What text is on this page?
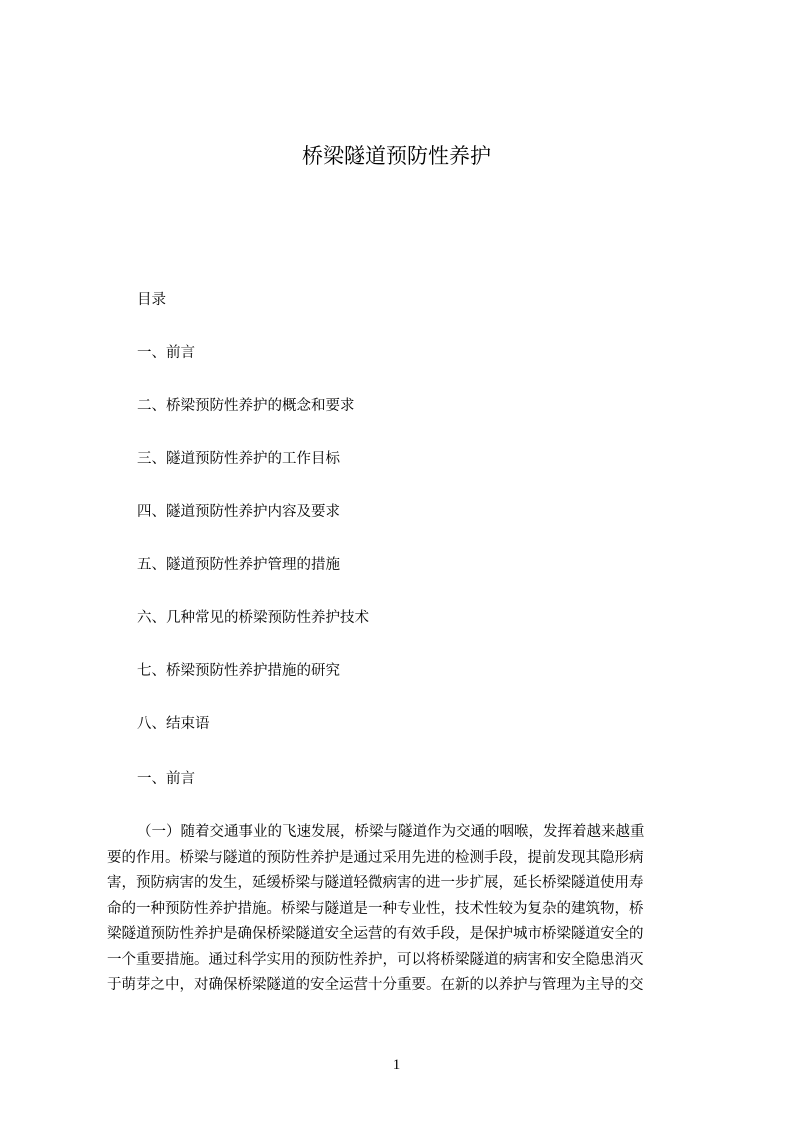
桥梁隧道预防性养护
目录
一、前言
二、桥梁预防性养护的概念和要求
三、隧道预防性养护的工作目标
四、隧道预防性养护内容及要求
五、隧道预防性养护管理的措施
六、几种常见的桥梁预防性养护技术
七、桥梁预防性养护措施的研究
八、结束语
一、前言

（一）随着交通事业的飞速发展，桥梁与隧道作为交通的咽喉，发挥着越来越重
要的作用。桥梁与隧道的预防性养护是通过采用先进的检测手段，提前发现其隐形病
害，预防病害的发生，延缓桥梁与隧道轻微病害的进一步扩展，延长桥梁隧道使用寿
命的一种预防性养护措施。桥梁与隧道是一种专业性，技术性较为复杂的建筑物，桥
梁隧道预防性养护是确保桥梁隧道安全运营的有效手段，是保护城市桥梁隧道安全的
一个重要措施。通过科学实用的预防性养护，可以将桥梁隧道的病害和安全隐患消灭
于萌芽之中，对确保桥梁隧道的安全运营十分重要。在新的以养护与管理为主导的交

1
